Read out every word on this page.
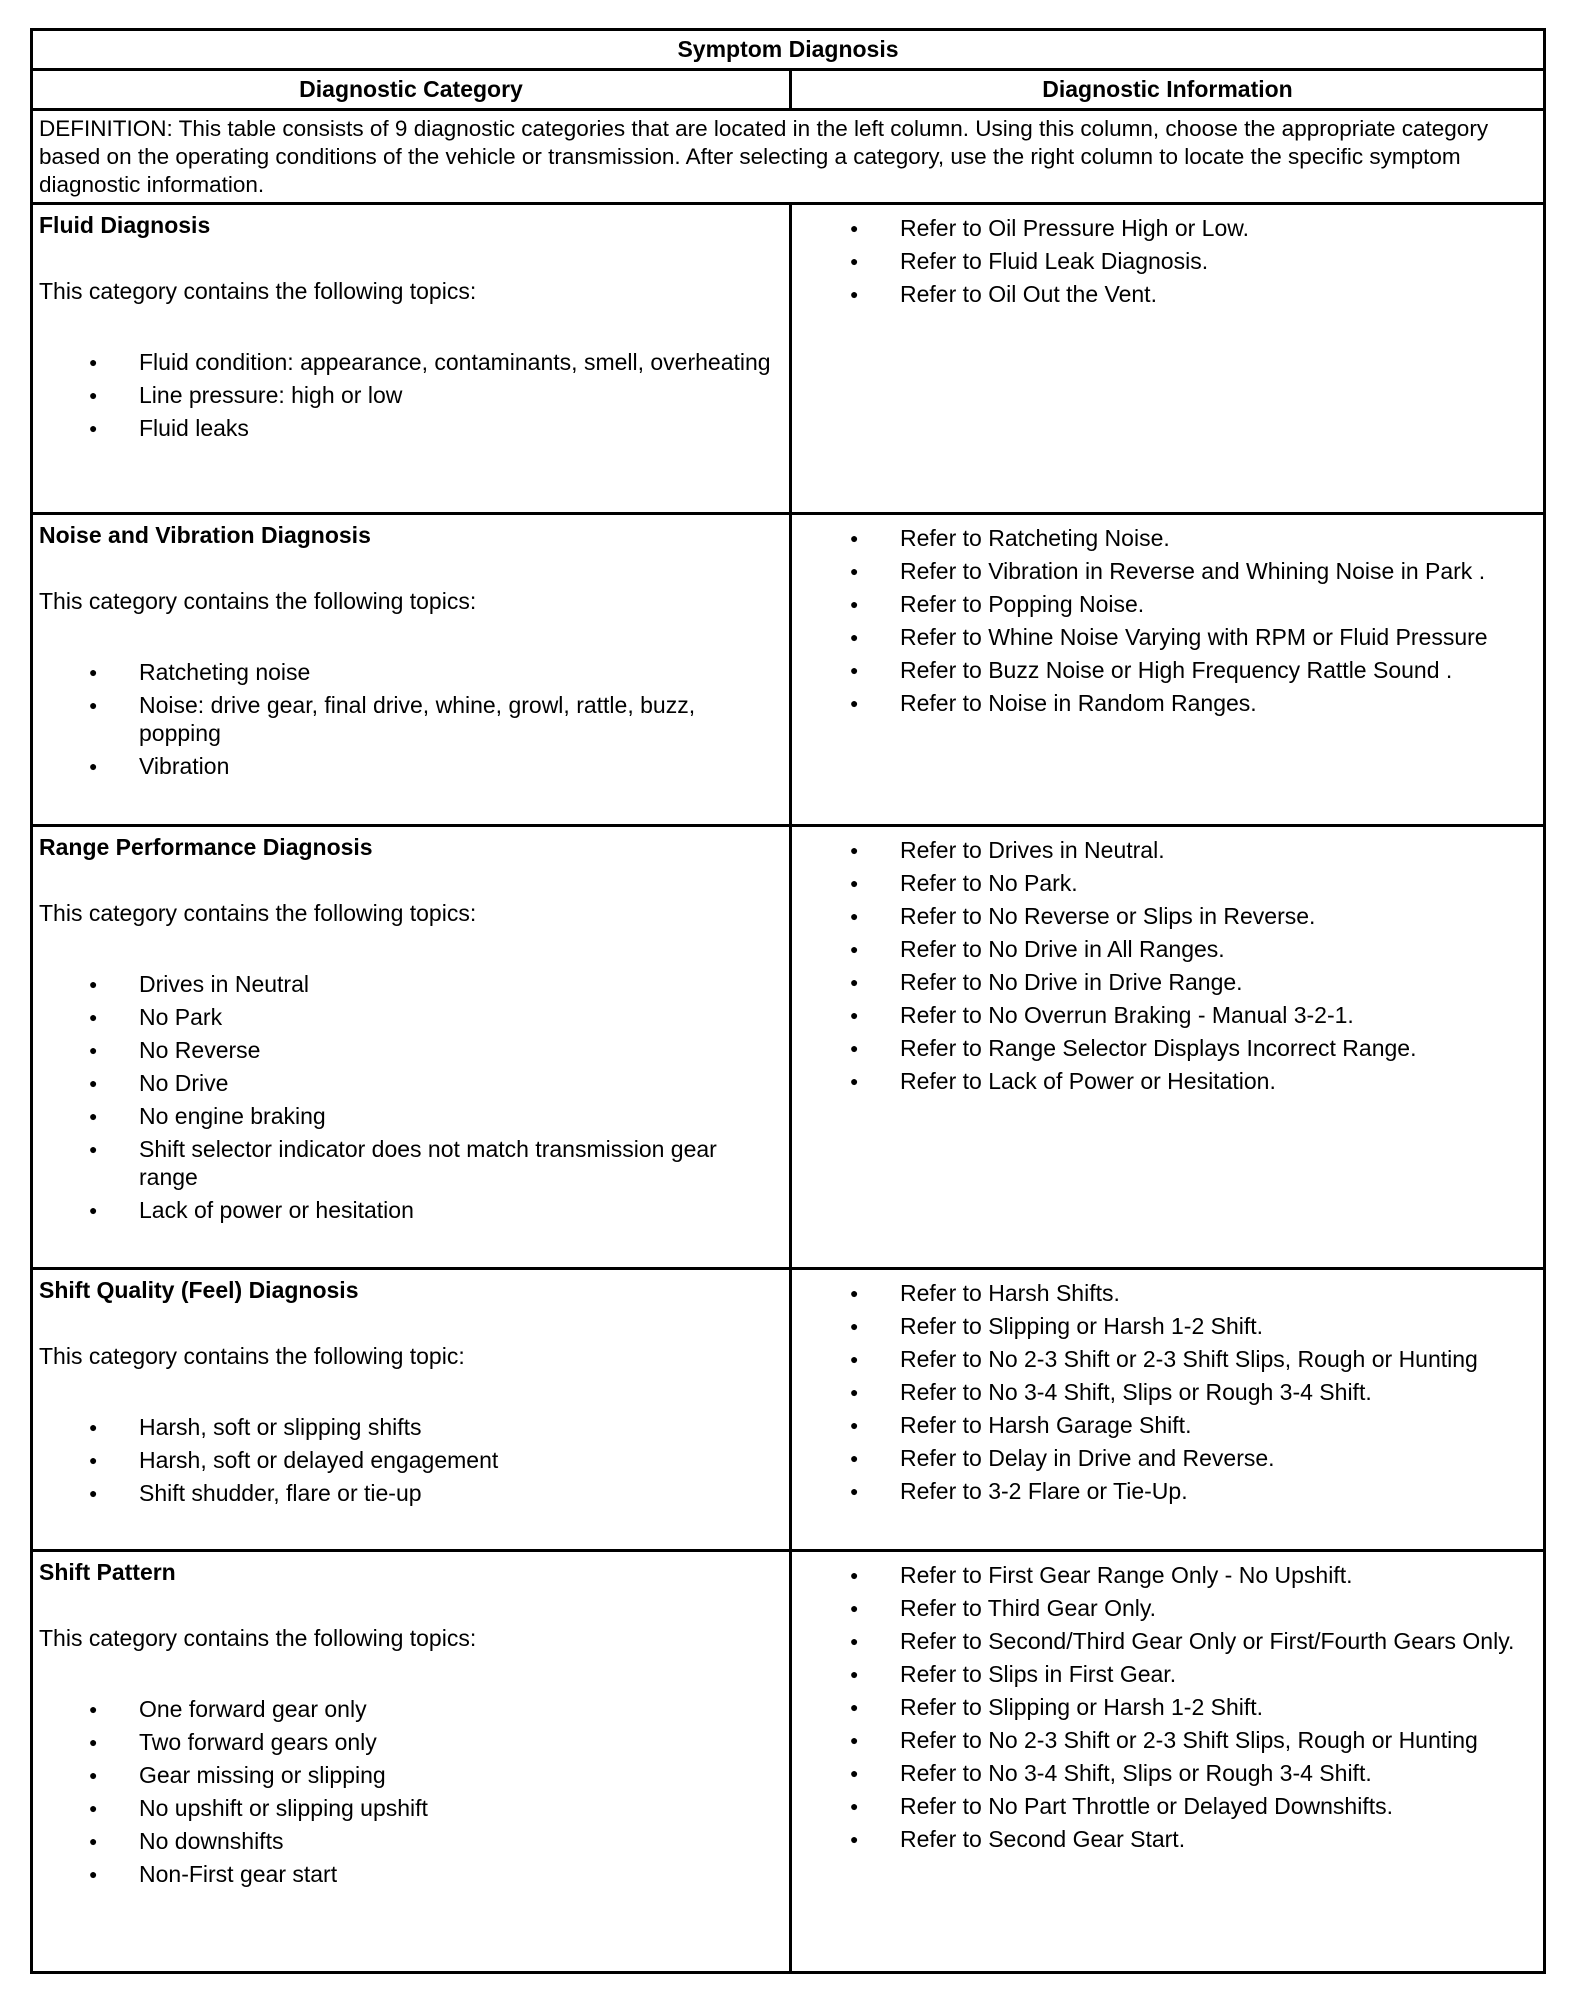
Symptom Diagnosis
Diagnostic Category	Diagnostic Information
DEFINITION: This table consists of 9 diagnostic categories that are located in the left column. Using this column, choose the appropriate category based on the operating conditions of the vehicle or transmission. After selecting a category, use the right column to locate the specific symptom diagnostic information.
Fluid Diagnosis
This category contains the following topics:
● Fluid condition: appearance, contaminants, smell, overheating
● Line pressure: high or low
● Fluid leaks
● Refer to Oil Pressure High or Low.
● Refer to Fluid Leak Diagnosis.
● Refer to Oil Out the Vent.
Noise and Vibration Diagnosis
This category contains the following topics:
● Ratcheting noise
● Noise: drive gear, final drive, whine, growl, rattle, buzz, popping
● Vibration
● Refer to Ratcheting Noise.
● Refer to Vibration in Reverse and Whining Noise in Park .
● Refer to Popping Noise.
● Refer to Whine Noise Varying with RPM or Fluid Pressure
● Refer to Buzz Noise or High Frequency Rattle Sound .
● Refer to Noise in Random Ranges.
Range Performance Diagnosis
This category contains the following topics:
● Drives in Neutral
● No Park
● No Reverse
● No Drive
● No engine braking
● Shift selector indicator does not match transmission gear range
● Lack of power or hesitation
● Refer to Drives in Neutral.
● Refer to No Park.
● Refer to No Reverse or Slips in Reverse.
● Refer to No Drive in All Ranges.
● Refer to No Drive in Drive Range.
● Refer to No Overrun Braking - Manual 3-2-1.
● Refer to Range Selector Displays Incorrect Range.
● Refer to Lack of Power or Hesitation.
Shift Quality (Feel) Diagnosis
This category contains the following topic:
● Harsh, soft or slipping shifts
● Harsh, soft or delayed engagement
● Shift shudder, flare or tie-up
● Refer to Harsh Shifts.
● Refer to Slipping or Harsh 1-2 Shift.
● Refer to No 2-3 Shift or 2-3 Shift Slips, Rough or Hunting
● Refer to No 3-4 Shift, Slips or Rough 3-4 Shift.
● Refer to Harsh Garage Shift.
● Refer to Delay in Drive and Reverse.
● Refer to 3-2 Flare or Tie-Up.
Shift Pattern
This category contains the following topics:
● One forward gear only
● Two forward gears only
● Gear missing or slipping
● No upshift or slipping upshift
● No downshifts
● Non-First gear start
● Refer to First Gear Range Only - No Upshift.
● Refer to Third Gear Only.
● Refer to Second/Third Gear Only or First/Fourth Gears Only.
● Refer to Slips in First Gear.
● Refer to Slipping or Harsh 1-2 Shift.
● Refer to No 2-3 Shift or 2-3 Shift Slips, Rough or Hunting
● Refer to No 3-4 Shift, Slips or Rough 3-4 Shift.
● Refer to No Part Throttle or Delayed Downshifts.
● Refer to Second Gear Start.
